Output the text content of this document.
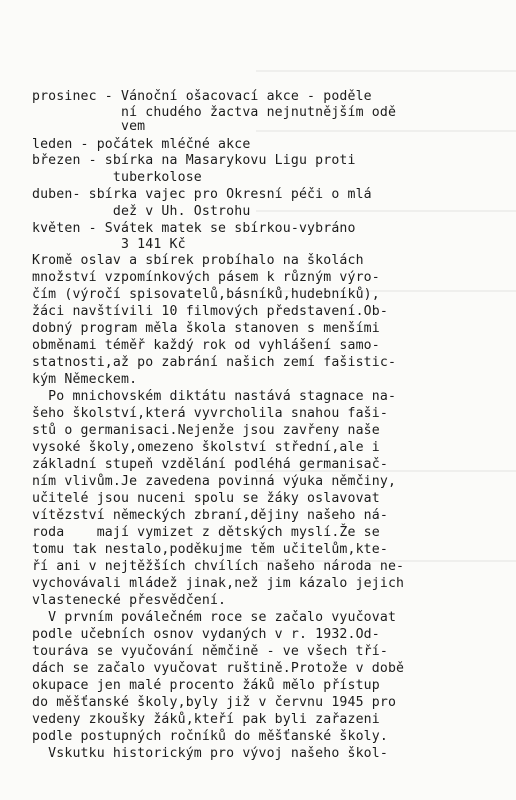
prosinec - Vánoční ošacovací akce - poděle
ní chudého žactva nejnutnějším odě
vem
leden - počátek mléčné akce
březen - sbírka na Masarykovu Ligu proti
tuberkolose
duben- sbírka vajec pro Okresní péči o mlá
dež v Uh. Ostrohu
květen - Svátek matek se sbírkou-vybráno
3 141 Kč
Kromě oslav a sbírek probíhalo na školách
množství vzpomínkových pásem k různým výro-
čím (výročí spisovatelů,básníků,hudebníků),
žáci navštívili 10 filmových představení.Ob-
dobný program měla škola stanoven s menšími
obměnami téměř každý rok od vyhlášení samo-
statnosti,až po zabrání našich zemí fašistic-
kým Německem.
Po mnichovském diktátu nastává stagnace na-
šeho školství,která vyvrcholila snahou faši-
stů o germanisaci.Nejenže jsou zavřeny naše
vysoké školy,omezeno školství střední,ale i
základní stupeň vzdělání podléhá germanisač-
ním vlivům.Je zavedena povinná výuka němčiny,
učitelé jsou nuceni spolu se žáky oslavovat
vítězství německých zbraní,dějiny našeho ná-
roda    mají vymizet z dětských myslí.Že se
tomu tak nestalo,poděkujme těm učitelům,kte-
ří ani v nejtěžších chvílích našeho národa ne-
vychovávali mládež jinak,než jim kázalo jejich
vlastenecké přesvědčení.
V prvním poválečném roce se začalo vyučovat
podle učebních osnov vydaných v r. 1932.Od-
touráva se vyučování němčině - ve všech tří-
dách se začalo vyučovat ruštině.Protože v době
okupace jen malé procento žáků mělo přístup
do měšťanské školy,byly již v červnu 1945 pro
vedeny zkoušky žáků,kteří pak byli zařazeni
podle postupných ročníků do měšťanské školy.
Vskutku historickým pro vývoj našeho škol-
